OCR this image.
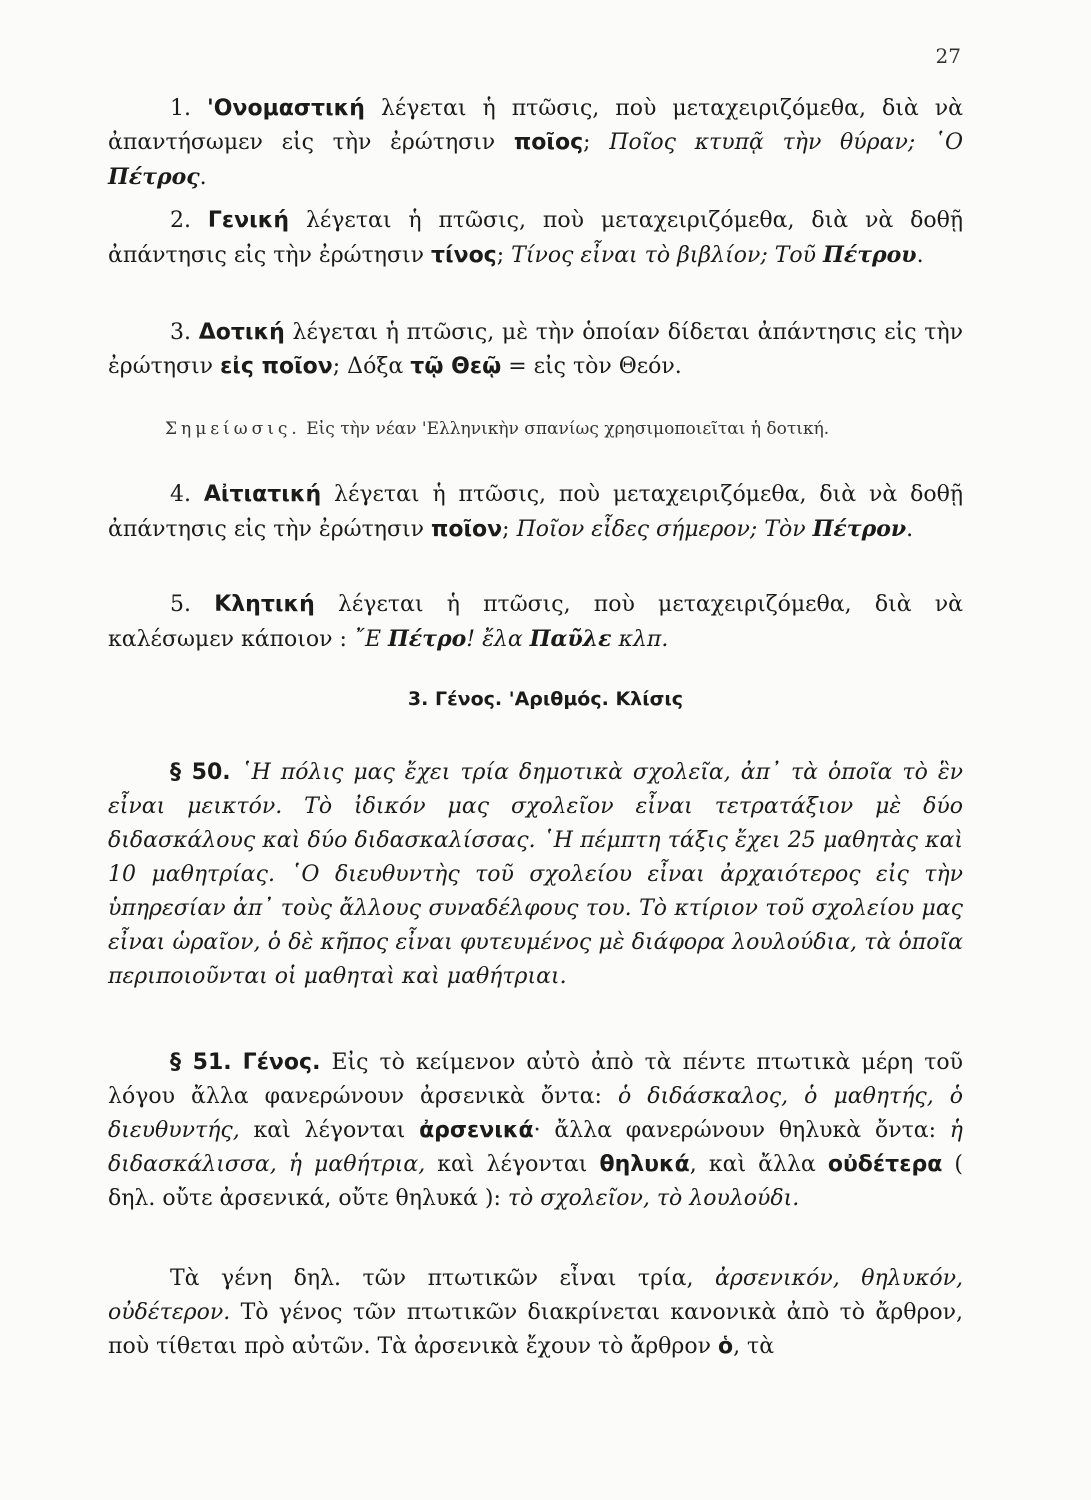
27

1. 'Ονομαστική λέγεται ἡ πτῶσις, ποὺ μεταχειριζόμεθα, διὰ νὰ ἀπαντήσωμεν εἰς τὴν ἐρώτησιν ποῖος; Ποῖος κτυπᾷ τὴν θύραν; ῾Ο Πέτρος.

2. Γενική λέγεται ἡ πτῶσις, ποὺ μεταχειριζόμεθα, διὰ νὰ δοθῇ ἀπάντησις εἰς τὴν ἐρώτησιν τίνος; Τίνος εἶναι τὸ βιβλίον; Τοῦ Πέτρου.

3. Δοτική λέγεται ἡ πτῶσις, μὲ τὴν ὁποίαν δίδεται ἀπάντησις εἰς τὴν ἐρώτησιν εἰς ποῖον; Δόξα τῷ Θεῷ = εἰς τὸν Θεόν.

Σημείωσις. Εἰς τὴν νέαν 'Ελληνικὴν σπανίως χρησιμοποιεῖται ἡ δοτική.

4. Αἰτιατική λέγεται ἡ πτῶσις, ποὺ μεταχειριζόμεθα, διὰ νὰ δοθῇ ἀπάντησις εἰς τὴν ἐρώτησιν ποῖον; Ποῖον εἶδες σήμερον; Τὸν Πέτρον.

5. Κλητική λέγεται ἡ πτῶσις, ποὺ μεταχειριζόμεθα, διὰ νὰ καλέσωμεν κάποιον : ῎Ε Πέτρο! ἔλα Παῦλε κλπ.

3. Γένος. 'Αριθμός. Κλίσις

§ 50. ῾Η πόλις μας ἔχει τρία δημοτικὰ σχολεῖα, ἀπ᾽ τὰ ὁποῖα τὸ ἓν εἶναι μεικτόν. Τὸ ἰδικόν μας σχολεῖον εἶναι τετρατάξιον μὲ δύο διδασκάλους καὶ δύο διδασκαλίσσας. ῾Η πέμπτη τάξις ἔχει 25 μαθητὰς καὶ 10 μαθητρίας. ῾Ο διευθυντὴς τοῦ σχολείου εἶναι ἀρχαιότερος εἰς τὴν ὑπηρεσίαν ἀπ᾽ τοὺς ἄλλους συναδέλφους του. Τὸ κτίριον τοῦ σχολείου μας εἶναι ὡραῖον, ὁ δὲ κῆπος εἶναι φυτευμένος μὲ διάφορα λουλούδια, τὰ ὁποῖα περιποιοῦνται οἱ μαθηταὶ καὶ μαθήτριαι.

§ 51. Γένος. Εἰς τὸ κείμενον αὐτὸ ἀπὸ τὰ πέντε πτωτικὰ μέρη τοῦ λόγου ἄλλα φανερώνουν ἀρσενικὰ ὄντα: ὁ διδάσκαλος, ὁ μαθητής, ὁ διευθυντής, καὶ λέγονται ἀρσενικά· ἄλλα φανερώνουν θηλυκὰ ὄντα: ἡ διδασκάλισσα, ἡ μαθήτρια, καὶ λέγονται θηλυκά, καὶ ἄλλα οὐδέτερα ( δηλ. οὔτε ἀρσενικά, οὔτε θηλυκά ): τὸ σχολεῖον, τὸ λουλούδι.

Τὰ γένη δηλ. τῶν πτωτικῶν εἶναι τρία, ἀρσενικόν, θηλυκόν, οὐδέτερον. Τὸ γένος τῶν πτωτικῶν διακρίνεται κανονικὰ ἀπὸ τὸ ἄρθρον, ποὺ τίθεται πρὸ αὐτῶν. Τὰ ἀρσενικὰ ἔχουν τὸ ἄρθρον ὁ, τὰ
